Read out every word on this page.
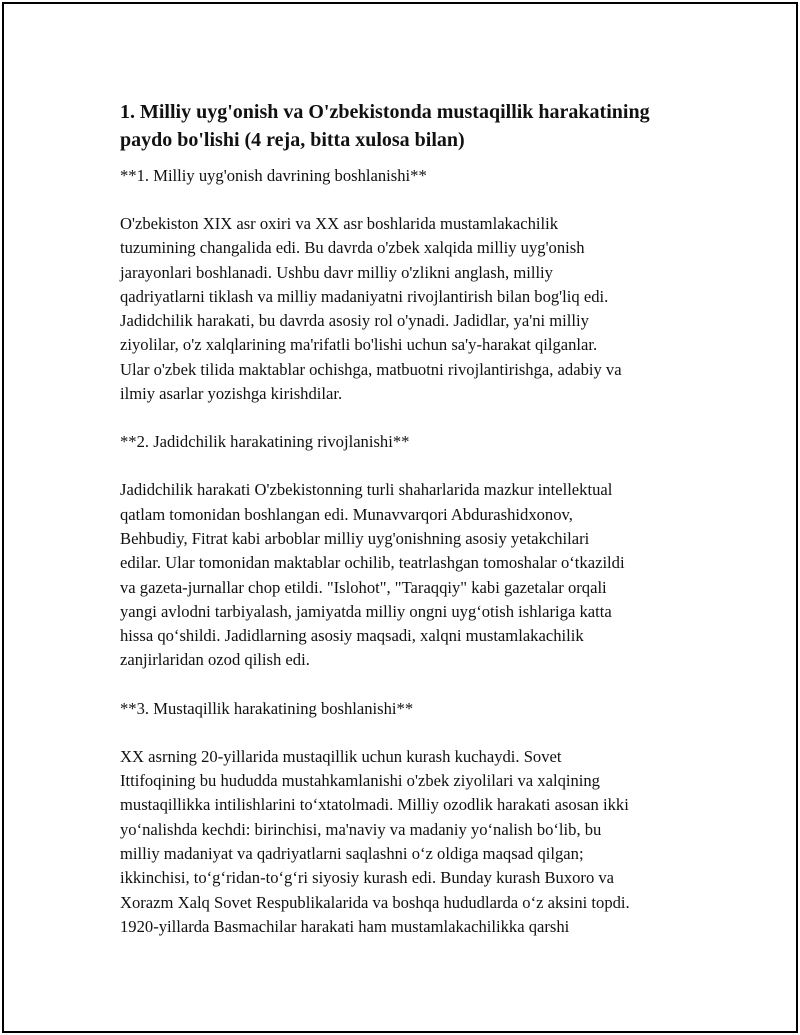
1. Milliy uyg'onish va O'zbekistonda mustaqillik harakatining
paydo bo'lishi (4 reja, bitta xulosa bilan)

**1. Milliy uyg'onish davrining boshlanishi**

O'zbekiston XIX asr oxiri va XX asr boshlarida mustamlakachilik
tuzumining changalida edi. Bu davrda o'zbek xalqida milliy uyg'onish
jarayonlari boshlanadi. Ushbu davr milliy o'zlikni anglash, milliy
qadriyatlarni tiklash va milliy madaniyatni rivojlantirish bilan bog'liq edi.
Jadidchilik harakati, bu davrda asosiy rol o'ynadi. Jadidlar, ya'ni milliy
ziyolilar, o'z xalqlarining ma'rifatli bo'lishi uchun sa'y-harakat qilganlar.
Ular o'zbek tilida maktablar ochishga, matbuotni rivojlantirishga, adabiy va
ilmiy asarlar yozishga kirishdilar.

**2. Jadidchilik harakatining rivojlanishi**

Jadidchilik harakati O'zbekistonning turli shaharlarida mazkur intellektual
qatlam tomonidan boshlangan edi. Munavvarqori Abdurashidxonov,
Behbudiy, Fitrat kabi arboblar milliy uyg'onishning asosiy yetakchilari
edilar. Ular tomonidan maktablar ochilib, teatrlashgan tomoshalar o‘tkazildi
va gazeta-jurnallar chop etildi. "Islohot", "Taraqqiy" kabi gazetalar orqali
yangi avlodni tarbiyalash, jamiyatda milliy ongni uyg‘otish ishlariga katta
hissa qo‘shildi. Jadidlarning asosiy maqsadi, xalqni mustamlakachilik
zanjirlaridan ozod qilish edi.

**3. Mustaqillik harakatining boshlanishi**

XX asrning 20-yillarida mustaqillik uchun kurash kuchaydi. Sovet
Ittifoqining bu hududda mustahkamlanishi o'zbek ziyolilari va xalqining
mustaqillikka intilishlarini to‘xtatolmadi. Milliy ozodlik harakati asosan ikki
yo‘nalishda kechdi: birinchisi, ma'naviy va madaniy yo‘nalish bo‘lib, bu
milliy madaniyat va qadriyatlarni saqlashni o‘z oldiga maqsad qilgan;
ikkinchisi, to‘g‘ridan-to‘g‘ri siyosiy kurash edi. Bunday kurash Buxoro va
Xorazm Xalq Sovet Respublikalarida va boshqa hududlarda o‘z aksini topdi.
1920-yillarda Basmachilar harakati ham mustamlakachilikka qarshi
